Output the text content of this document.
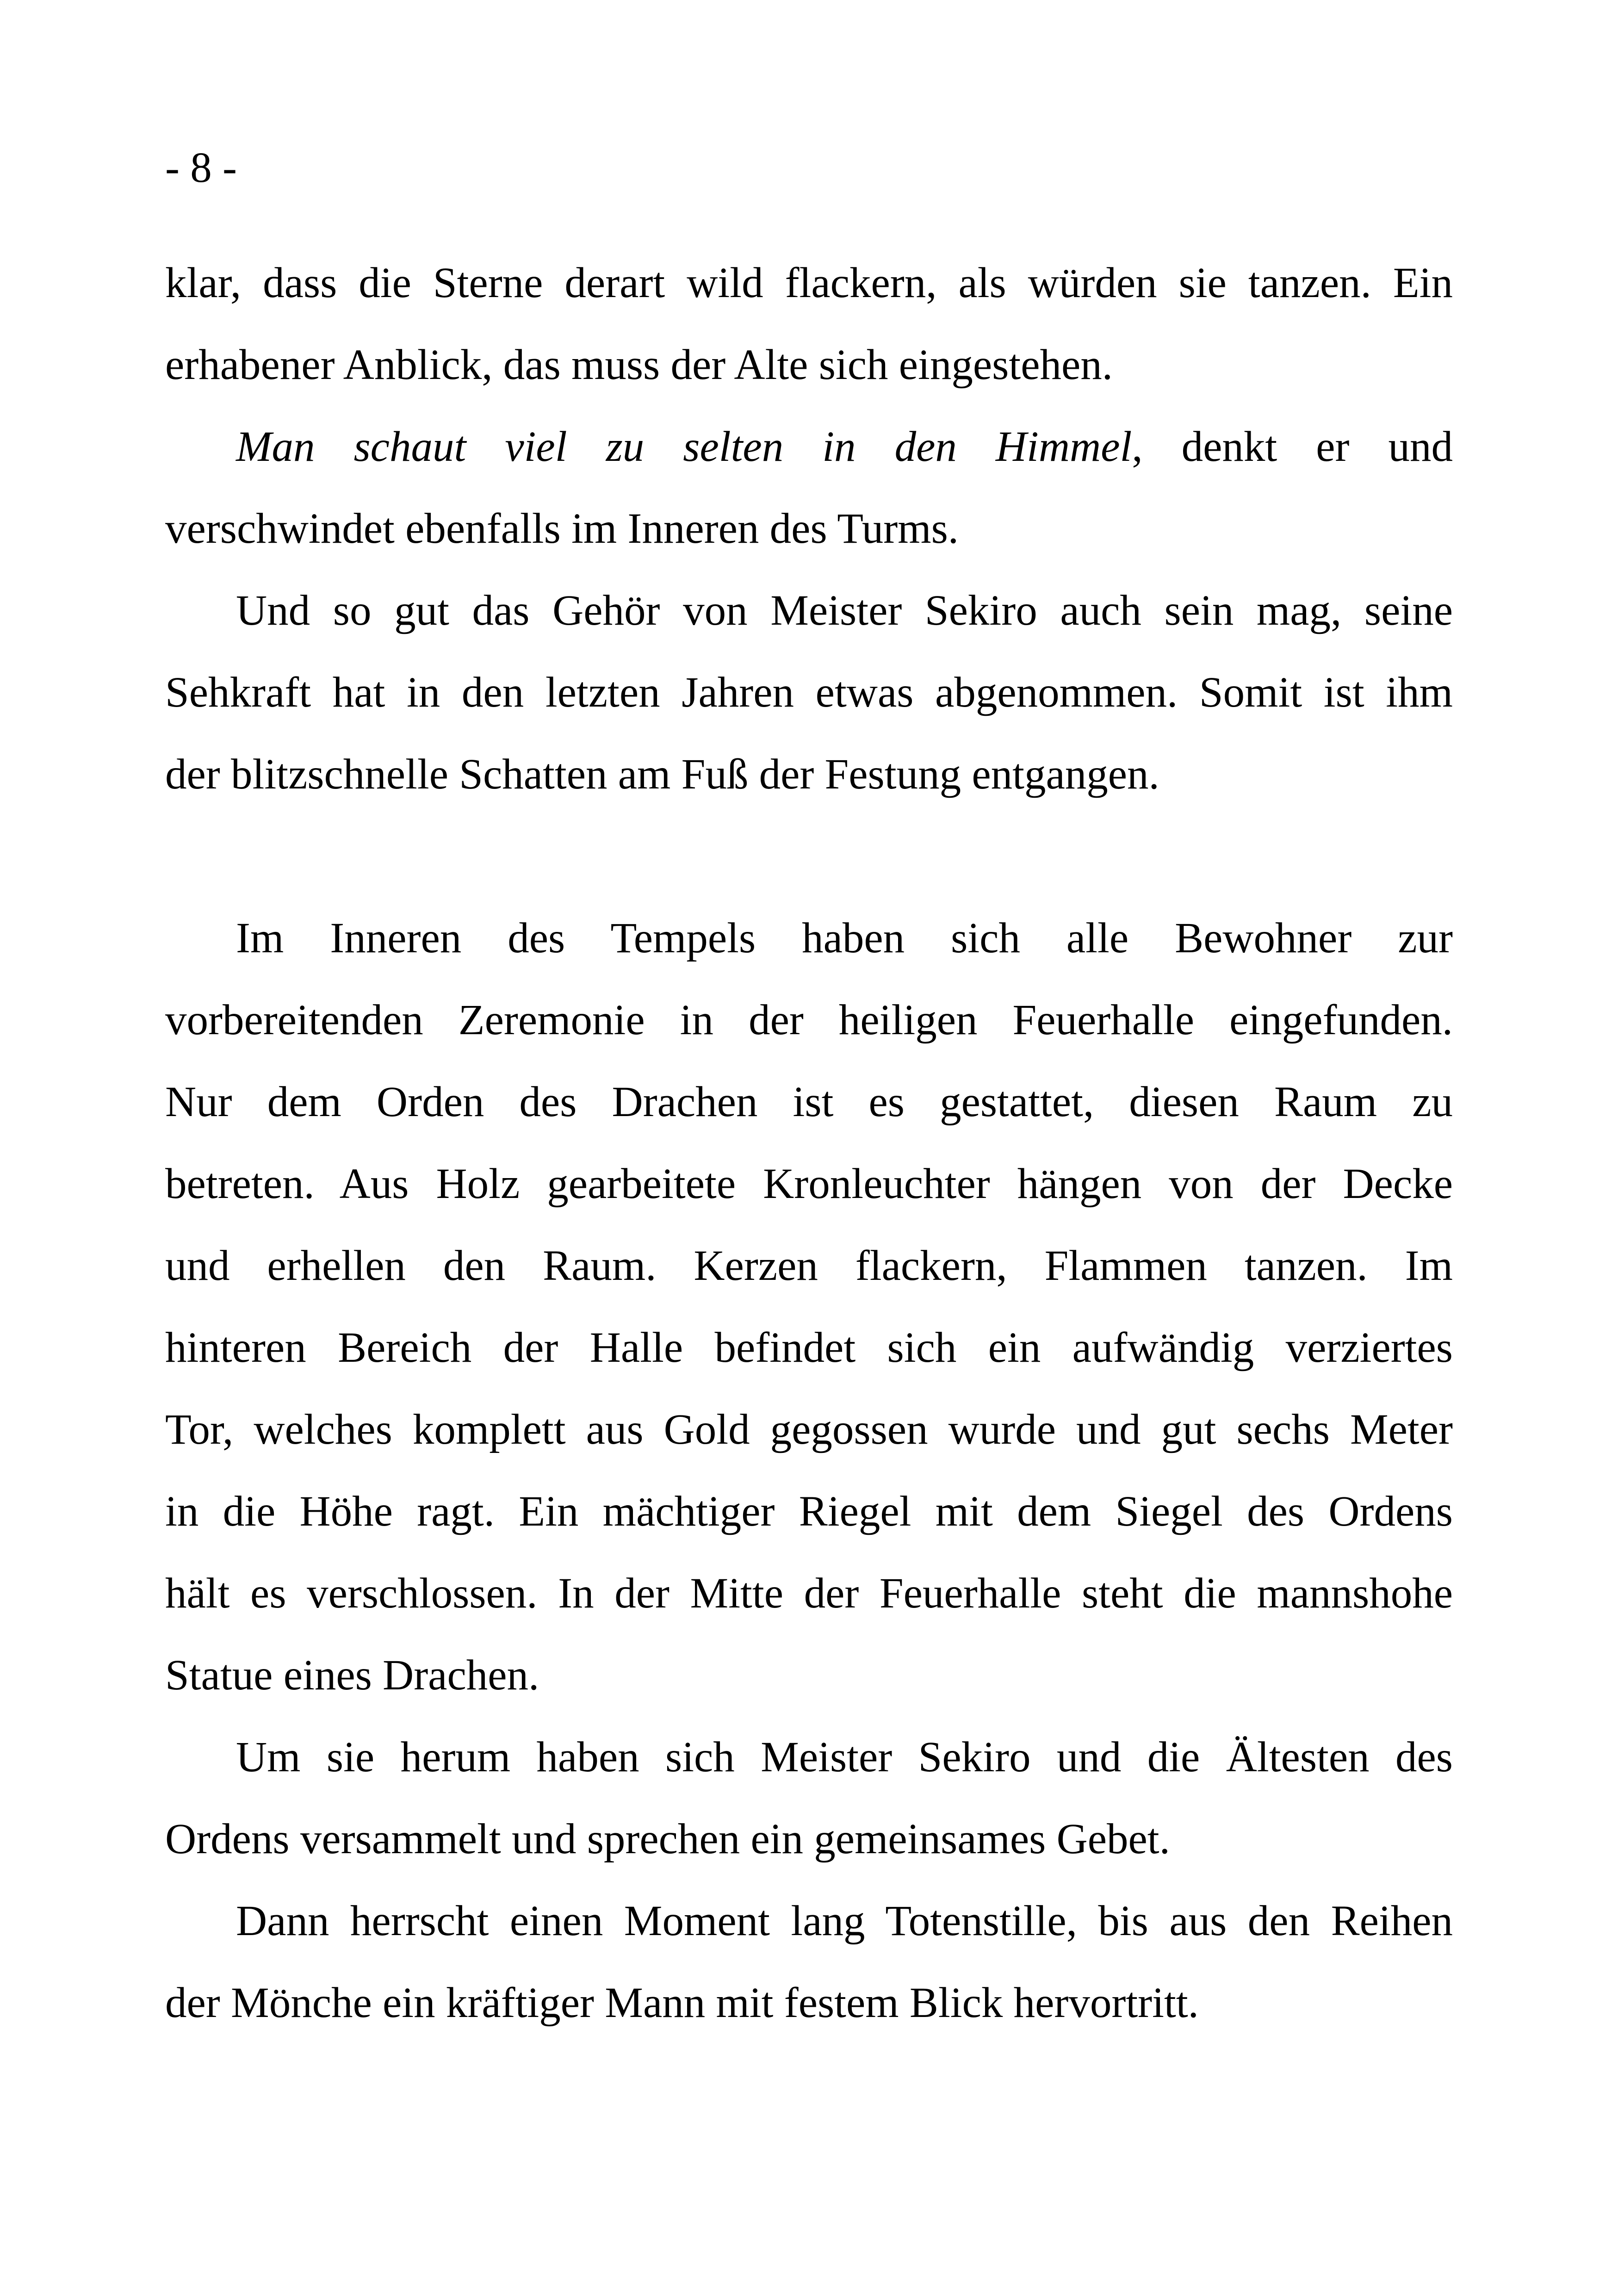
- 8 -
klar, dass die Sterne derart wild flackern, als würden sie tanzen. Ein
erhabener Anblick, das muss der Alte sich eingestehen.
Man schaut viel zu selten in den Himmel, denkt er und
verschwindet ebenfalls im Inneren des Turms.
Und so gut das Gehör von Meister Sekiro auch sein mag, seine
Sehkraft hat in den letzten Jahren etwas abgenommen. Somit ist ihm
der blitzschnelle Schatten am Fuß der Festung entgangen.
Im Inneren des Tempels haben sich alle Bewohner zur
vorbereitenden Zeremonie in der heiligen Feuerhalle eingefunden.
Nur dem Orden des Drachen ist es gestattet, diesen Raum zu
betreten. Aus Holz gearbeitete Kronleuchter hängen von der Decke
und erhellen den Raum. Kerzen flackern, Flammen tanzen. Im
hinteren Bereich der Halle befindet sich ein aufwändig verziertes
Tor, welches komplett aus Gold gegossen wurde und gut sechs Meter
in die Höhe ragt. Ein mächtiger Riegel mit dem Siegel des Ordens
hält es verschlossen. In der Mitte der Feuerhalle steht die mannshohe
Statue eines Drachen.
Um sie herum haben sich Meister Sekiro und die Ältesten des
Ordens versammelt und sprechen ein gemeinsames Gebet.
Dann herrscht einen Moment lang Totenstille, bis aus den Reihen
der Mönche ein kräftiger Mann mit festem Blick hervortritt.
